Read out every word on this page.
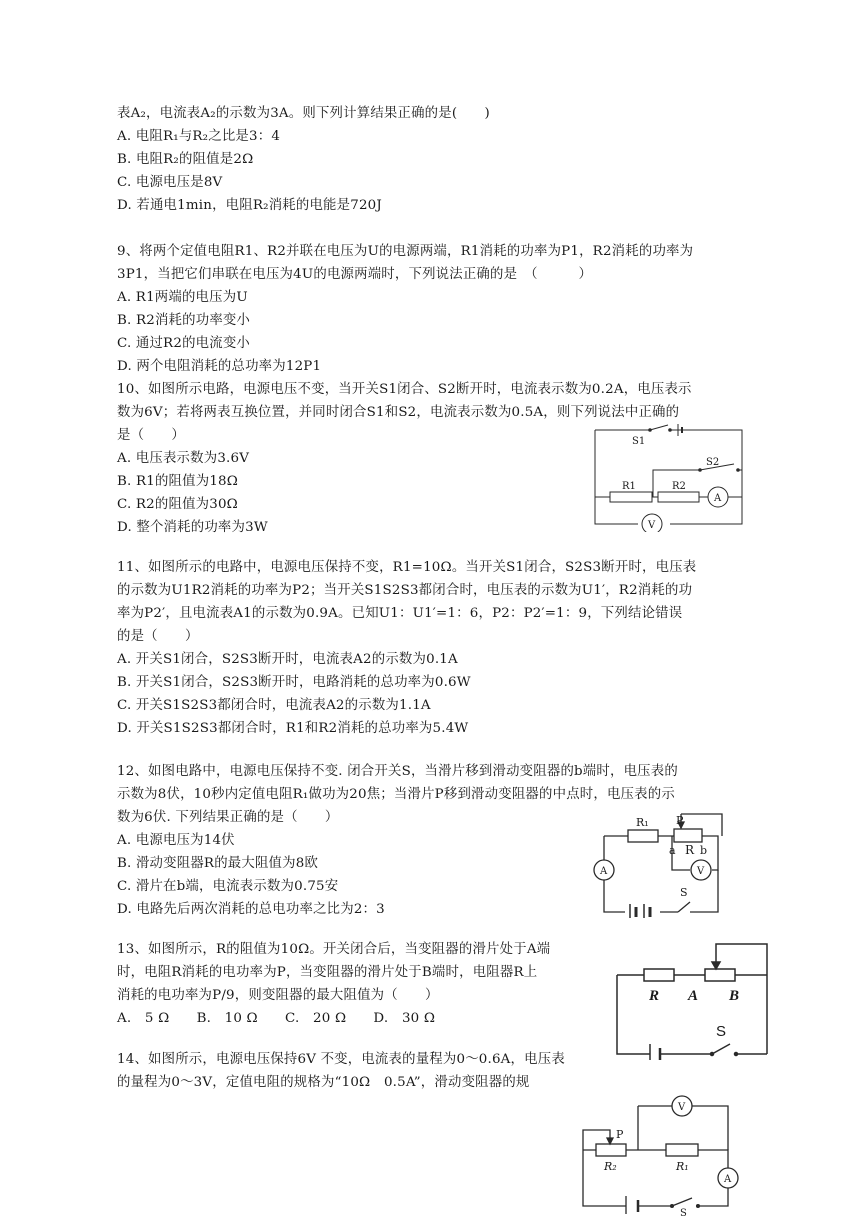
表A₂，电流表A₂的示数为3A。则下列计算结果正确的是(　　)
A. 电阻R₁与R₂之比是3：4
B. 电阻R₂的阻值是2Ω
C. 电源电压是8V
D. 若通电1min，电阻R₂消耗的电能是720J
9、将两个定值电阻R1、R2并联在电压为U的电源两端，R1消耗的功率为P1，R2消耗的功率为
3P1，当把它们串联在电压为4U的电源两端时，下列说法正确的是　（　　　）
A. R1两端的电压为U
B. R2消耗的功率变小
C. 通过R2的电流变小
D. 两个电阻消耗的总功率为12P1
10、如图所示电路，电源电压不变，当开关S1闭合、S2断开时，电流表示数为0.2A，电压表示
数为6V；若将两表互换位置，并同时闭合S1和S2，电流表示数为0.5A，则下列说法中正确的
是（　　）
A. 电压表示数为3.6V
B. R1的阻值为18Ω
C. R2的阻值为30Ω
D. 整个消耗的功率为3W
S1
S2
R1	R2
A
V
11、如图所示的电路中，电源电压保持不变，R1=10Ω。当开关S1闭合，S2S3断开时，电压表
的示数为U1R2消耗的功率为P2；当开关S1S2S3都闭合时，电压表的示数为U1′，R2消耗的功
率为P2′，且电流表A1的示数为0.9A。已知U1：U1′=1：6，P2：P2′=1：9，下列结论错误
的是（　　）
A. 开关S1闭合，S2S3断开时，电流表A2的示数为0.1A
B. 开关S1闭合，S2S3断开时，电路消耗的总功率为0.6W
C. 开关S1S2S3都闭合时，电流表A2的示数为1.1A
D. 开关S1S2S3都闭合时，R1和R2消耗的总功率为5.4W
12、如图电路中，电源电压保持不变. 闭合开关S，当滑片移到滑动变阻器的b端时，电压表的
示数为8伏，10秒内定值电阻R₁做功为20焦；当滑片P移到滑动变阻器的中点时，电压表的示
数为6伏. 下列结果正确的是（　　）
A. 电源电压为14伏
B. 滑动变阻器R的最大阻值为8欧
C. 滑片在b端，电流表示数为0.75安
D. 电路先后两次消耗的总电功率之比为2：3
R₁ P
a R b
A	V
S
13、如图所示，R的阻值为10Ω。开关闭合后，当变阻器的滑片处于A端
时，电阻R消耗的电功率为P，当变阻器的滑片处于B端时，电阻器R上
消耗的电功率为P/9，则变阻器的最大阻值为（　　）
A.　5 Ω　　B.　10 Ω　　C.　20 Ω　　D.　30 Ω
R A B
S
14、如图所示，电源电压保持6V 不变，电流表的量程为0～0.6A，电压表
的量程为0～3V，定值电阻的规格为“10Ω　0.5A”，滑动变阻器的规
V
P
R₂	R₁
A
S
